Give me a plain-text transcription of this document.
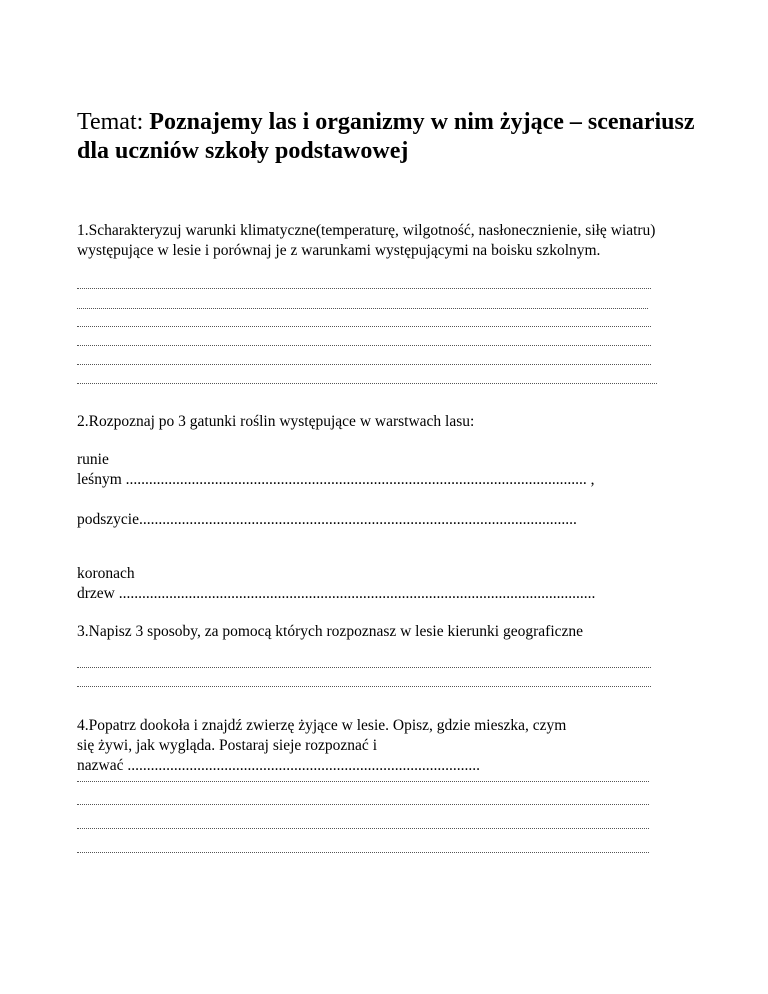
Temat: Poznajemy las i organizmy w nim żyjące – scenariusz dla uczniów szkoły podstawowej

1.Scharakteryzuj warunki klimatyczne(temperaturę, wilgotność, nasłonecznienie, siłę wiatru) występujące w lesie i porównaj je z warunkami występującymi na boisku szkolnym.

2.Rozpoznaj po 3 gatunki roślin występujące w warstwach lasu:

runie

leśnym ....................................................................................................................... ,

podszycie.................................................................................................................

koronach

drzew ...........................................................................................................................

3.Napisz 3 sposoby, za pomocą których rozpoznasz w lesie kierunki geograficzne

4.Popatrz dookoła i znajdź zwierzę żyjące w lesie. Opisz, gdzie mieszka, czym

się żywi, jak wygląda. Postaraj sieje rozpoznać i

nazwać ...........................................................................................
